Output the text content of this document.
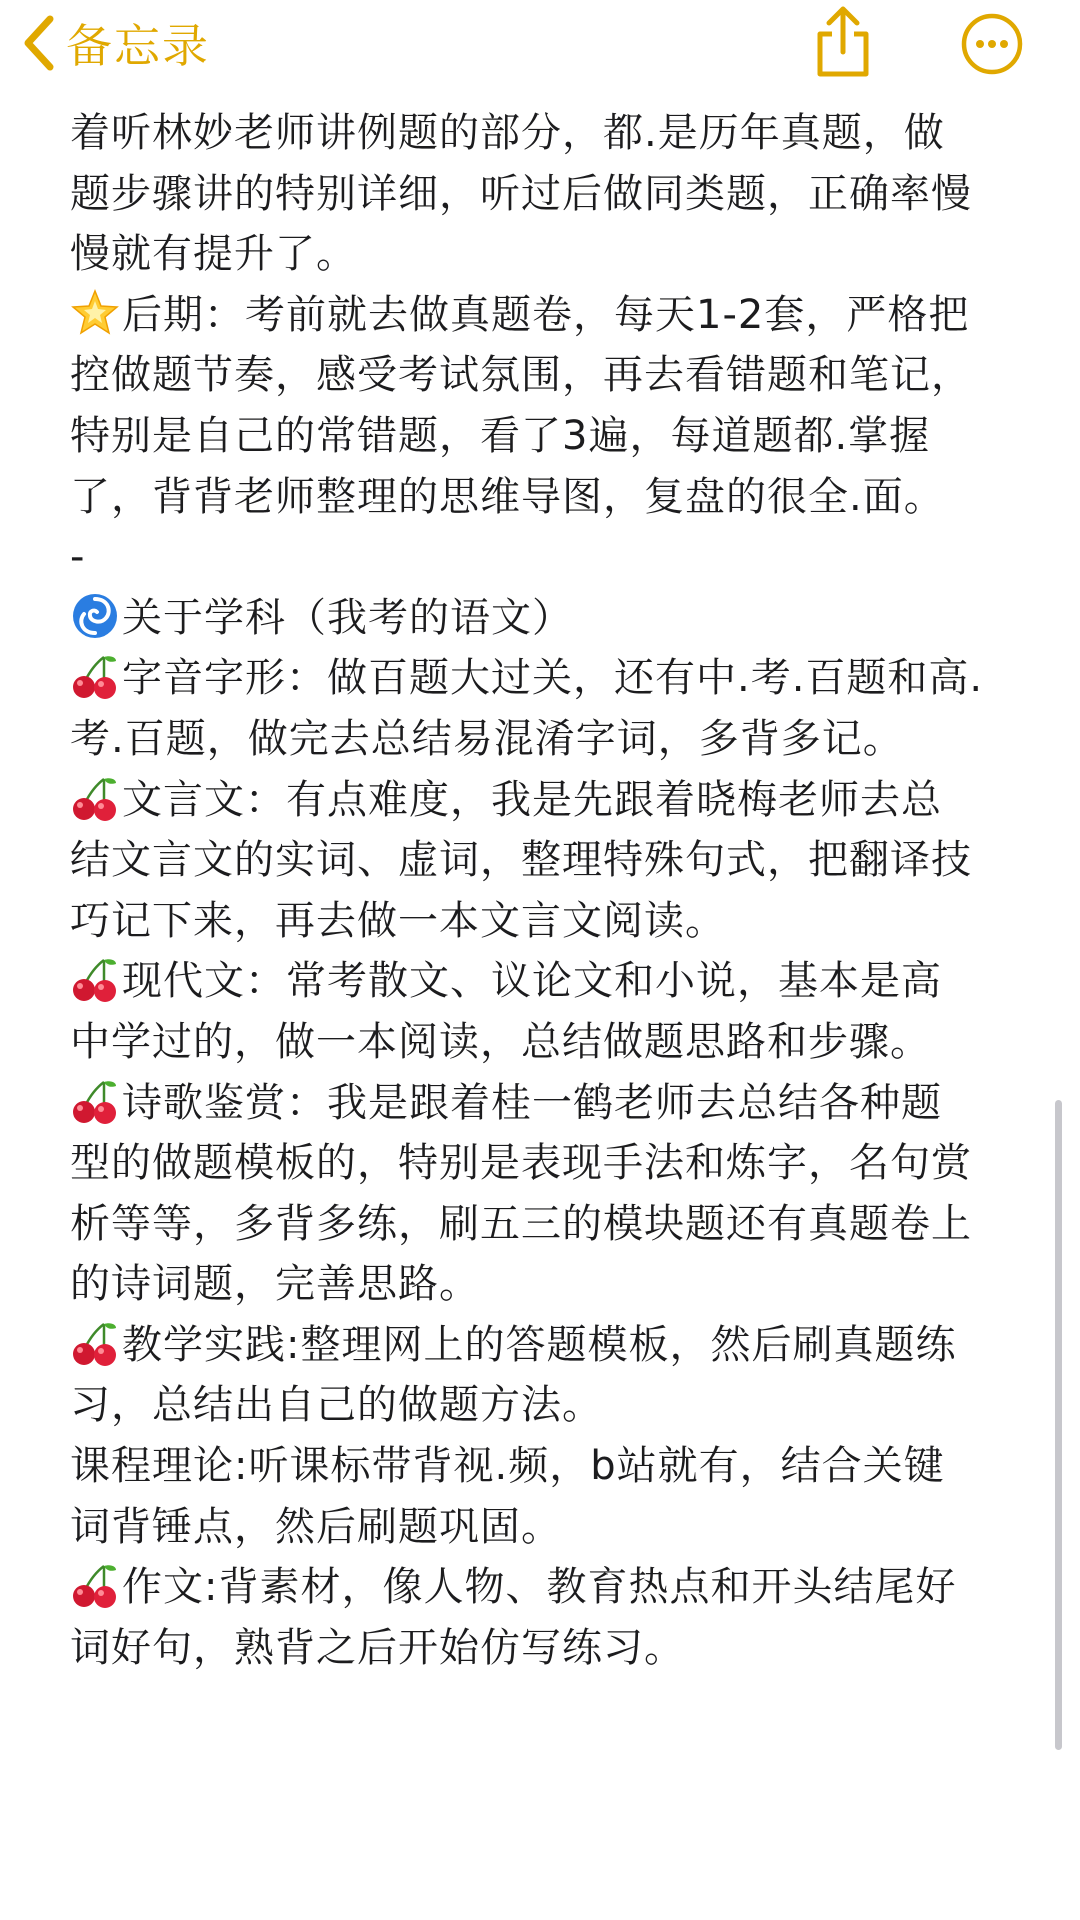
备忘录
着听林妙老师讲例题的部分，都.是历年真题，做
题步骤讲的特别详细，听过后做同类题，正确率慢
慢就有提升了。
后期：考前就去做真题卷，每天1-2套，严格把
控做题节奏，感受考试氛围，再去看错题和笔记，
特别是自己的常错题，看了3遍，每道题都.掌握
了，背背老师整理的思维导图，复盘的很全.面。
-
关于学科（我考的语文）
字音字形：做百题大过关，还有中.考.百题和高.
考.百题，做完去总结易混淆字词，多背多记。
文言文：有点难度，我是先跟着晓梅老师去总
结文言文的实词、虚词，整理特殊句式，把翻译技
巧记下来，再去做一本文言文阅读。
现代文：常考散文、议论文和小说，基本是高
中学过的，做一本阅读，总结做题思路和步骤。
诗歌鉴赏：我是跟着桂一鹤老师去总结各种题
型的做题模板的，特别是表现手法和炼字，名句赏
析等等，多背多练，刷五三的模块题还有真题卷上
的诗词题，完善思路。
教学实践:整理网上的答题模板，然后刷真题练
习，总结出自己的做题方法。
课程理论:听课标带背视.频，b站就有，结合关键
词背锤点，然后刷题巩固。
作文:背素材，像人物、教育热点和开头结尾好
词好句，熟背之后开始仿写练习。
